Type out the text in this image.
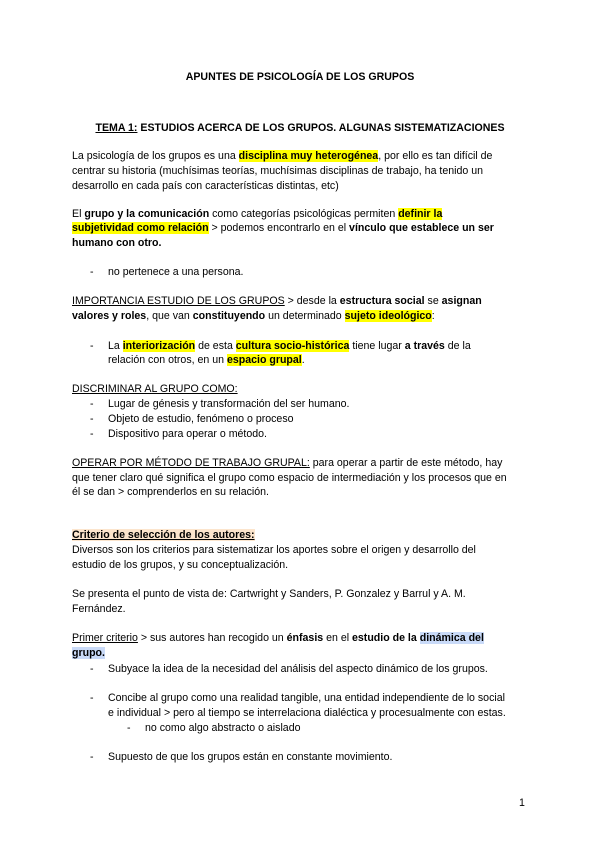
APUNTES DE PSICOLOGÍA DE LOS GRUPOS
TEMA 1: ESTUDIOS ACERCA DE LOS GRUPOS. ALGUNAS SISTEMATIZACIONES
La psicología de los grupos es una disciplina muy heterogénea, por ello es tan difícil de
centrar su historia (muchísimas teorías, muchísimas disciplinas de trabajo, ha tenido un
desarrollo en cada país con características distintas, etc)
El grupo y la comunicación como categorías psicológicas permiten definir la
subjetividad como relación > podemos encontrarlo en el vínculo que establece un ser
humano con otro.
- no pertenece a una persona.
IMPORTANCIA ESTUDIO DE LOS GRUPOS > desde la estructura social se asignan
valores y roles, que van constituyendo un determinado sujeto ideológico:
- La interiorización de esta cultura socio-histórica tiene lugar a través de la
relación con otros, en un espacio grupal.
DISCRIMINAR AL GRUPO COMO:
- Lugar de génesis y transformación del ser humano.
- Objeto de estudio, fenómeno o proceso
- Dispositivo para operar o método.
OPERAR POR MÉTODO DE TRABAJO GRUPAL: para operar a partir de este método, hay
que tener claro qué significa el grupo como espacio de intermediación y los procesos que en
él se dan > comprenderlos en su relación.
Criterio de selección de los autores:
Diversos son los criterios para sistematizar los aportes sobre el origen y desarrollo del
estudio de los grupos, y su conceptualización.
Se presenta el punto de vista de: Cartwright y Sanders, P. Gonzalez y Barrul y A. M.
Fernández.
Primer criterio > sus autores han recogido un énfasis en el estudio de la dinámica del
grupo.
- Subyace la idea de la necesidad del análisis del aspecto dinámico de los grupos.
- Concibe al grupo como una realidad tangible, una entidad independiente de lo social
e individual > pero al tiempo se interrelaciona dialéctica y procesualmente con estas.
- no como algo abstracto o aislado
- Supuesto de que los grupos están en constante movimiento.
1
